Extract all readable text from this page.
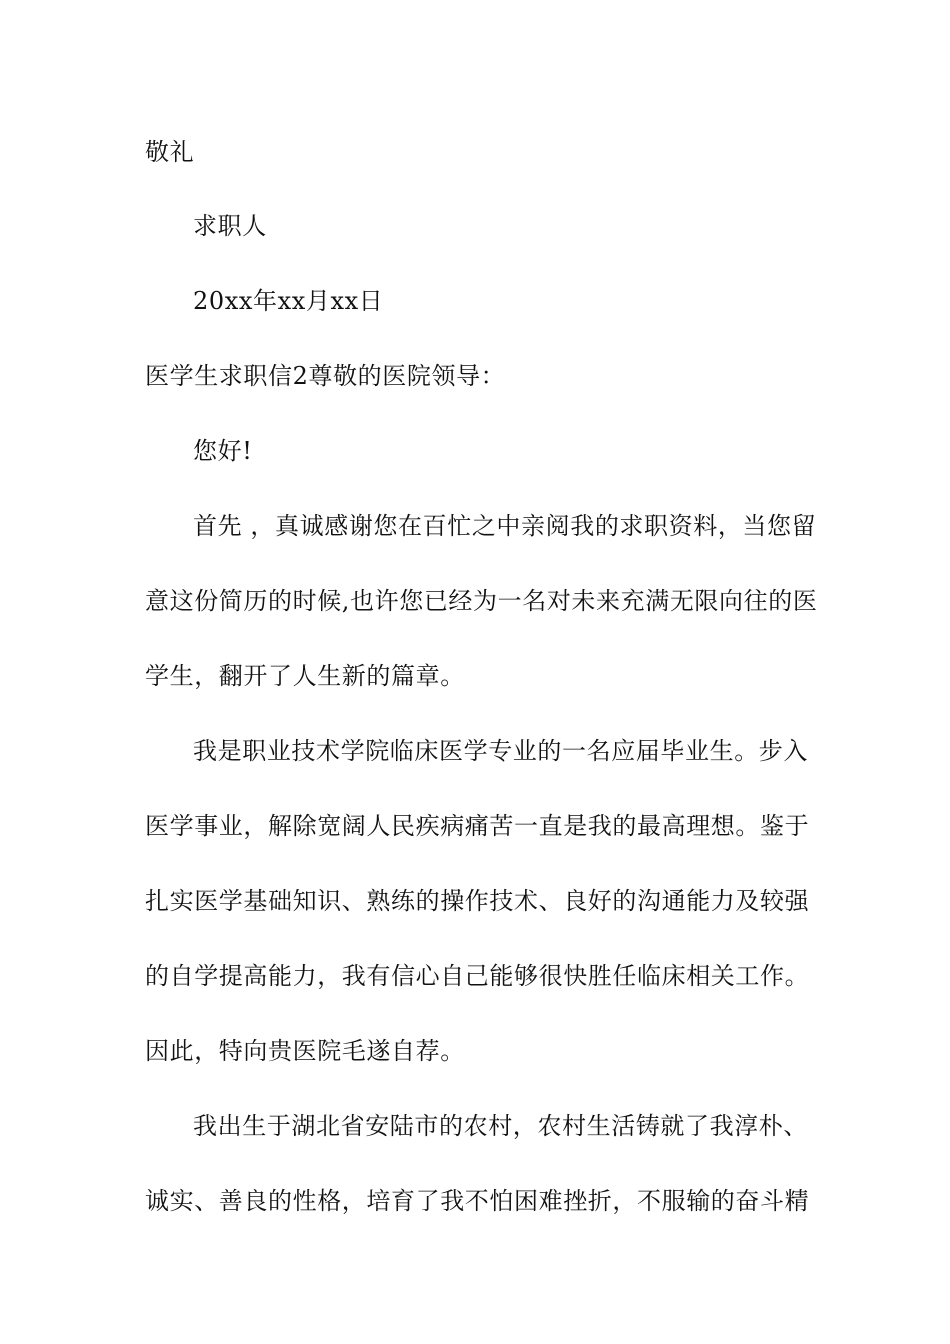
敬礼
求职人
20xx年xx月xx日
医学生求职信2尊敬的医院领导：
您好!
首先 ，真诚感谢您在百忙之中亲阅我的求职资料，当您留
意这份简历的时候,也许您已经为一名对未来充满无限向往的医
学生，翻开了人生新的篇章。
我是职业技术学院临床医学专业的一名应届毕业生。步入
医学事业，解除宽阔人民疾病痛苦一直是我的最高理想。鉴于
扎实医学基础知识、熟练的操作技术、良好的沟通能力及较强
的自学提高能力，我有信心自己能够很快胜任临床相关工作。
因此，特向贵医院毛遂自荐。
我出生于湖北省安陆市的农村，农村生活铸就了我淳朴、
诚实、善良的性格，培育了我不怕困难挫折，不服输的奋斗精
